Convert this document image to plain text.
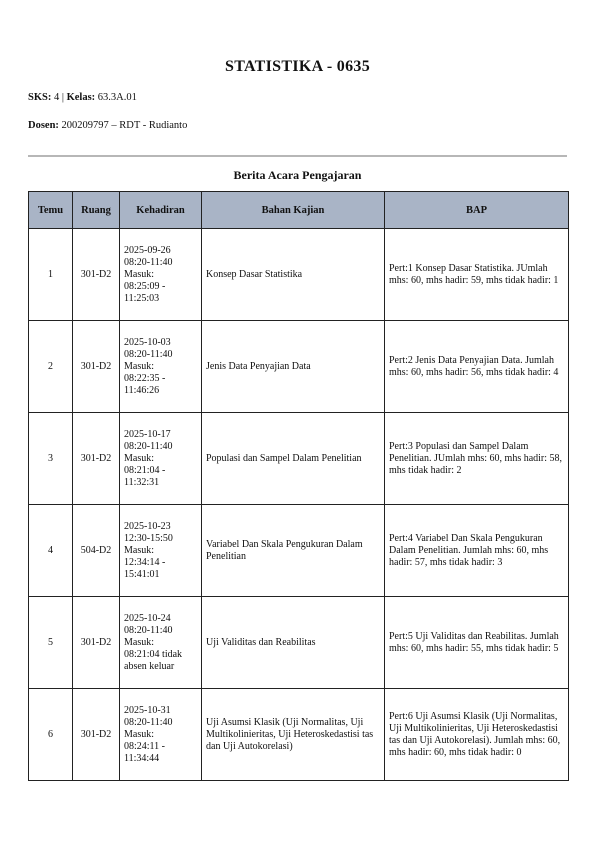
STATISTIKA - 0635
SKS: 4 | Kelas: 63.3A.01
Dosen: 200209797 – RDT - Rudianto
Berita Acara Pengajaran
Temu	Ruang	Kehadiran	Bahan Kajian	BAP
1	301-D2	2025-09-26
08:20-11:40
Masuk:
08:25:09 -
11:25:03	Konsep Dasar Statistika	Pert:1 Konsep Dasar Statistika. JUmlah mhs: 60, mhs hadir: 59, mhs tidak hadir: 1
2	301-D2	2025-10-03
08:20-11:40
Masuk:
08:22:35 -
11:46:26	Jenis Data Penyajian Data	Pert:2 Jenis Data Penyajian Data. Jumlah mhs: 60, mhs hadir: 56, mhs tidak hadir: 4
3	301-D2	2025-10-17
08:20-11:40
Masuk:
08:21:04 -
11:32:31	Populasi dan Sampel Dalam Penelitian	Pert:3 Populasi dan Sampel Dalam Penelitian. JUmlah mhs: 60, mhs hadir: 58, mhs tidak hadir: 2
4	504-D2	2025-10-23
12:30-15:50
Masuk:
12:34:14 -
15:41:01	Variabel Dan Skala Pengukuran Dalam Penelitian	Pert:4 Variabel Dan Skala Pengukuran Dalam Penelitian. Jumlah mhs: 60, mhs hadir: 57, mhs tidak hadir: 3
5	301-D2	2025-10-24
08:20-11:40
Masuk:
08:21:04 tidak
absen keluar	Uji Validitas dan Reabilitas	Pert:5 Uji Validitas dan Reabilitas. Jumlah mhs: 60, mhs hadir: 55, mhs tidak hadir: 5
6	301-D2	2025-10-31
08:20-11:40
Masuk:
08:24:11 -
11:34:44	Uji Asumsi Klasik (Uji Normalitas, Uji Multikolinieritas, Uji Heteroskedastisi tas dan Uji Autokorelasi)	Pert:6 Uji Asumsi Klasik (Uji Normalitas, Uji Multikolinieritas, Uji Heteroskedastisi tas dan Uji Autokorelasi). Jumlah mhs: 60, mhs hadir: 60, mhs tidak hadir: 0
